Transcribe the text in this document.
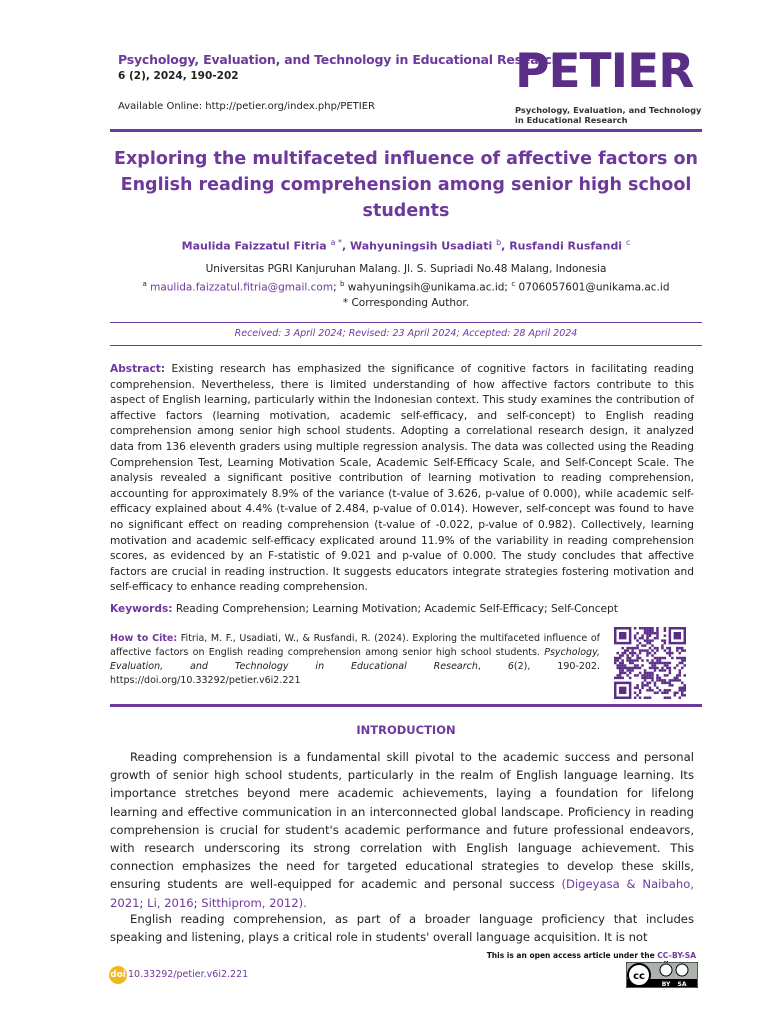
Psychology, Evaluation, and Technology in Educational Research
6 (2), 2024, 190-202
Available Online: http://petier.org/index.php/PETIER
PETIER
Psychology, Evaluation, and Technology
in Educational Research
Exploring the multifaceted influence of affective factors on English reading comprehension among senior high school students
Maulida Faizzatul Fitria $^{a *}$, Wahyuningsih Usadiati $^b$, Rusfandi Rusfandi $^c$
Universitas PGRI Kanjuruhan Malang. Jl. S. Supriadi No.48 Malang, Indonesia
$^a$ maulida.faizzatul.fitria@gmail.com; $^b$ wahyuningsih@unikama.ac.id; $^c$ 0706057601@unikama.ac.id
* Corresponding Author.
Received: 3 April 2024; Revised: 23 April 2024; Accepted: 28 April 2024
Abstract: Existing research has emphasized the significance of cognitive factors in facilitating reading comprehension. Nevertheless, there is limited understanding of how affective factors contribute to this aspect of English learning, particularly within the Indonesian context. This study examines the contribution of affective factors (learning motivation, academic self-efficacy, and self-concept) to English reading comprehension among senior high school students. Adopting a correlational research design, it analyzed data from 136 eleventh graders using multiple regression analysis. The data was collected using the Reading Comprehension Test, Learning Motivation Scale, Academic Self-Efficacy Scale, and Self-Concept Scale. The analysis revealed a significant positive contribution of learning motivation to reading comprehension, accounting for approximately 8.9% of the variance (t-value of 3.626, p-value of 0.000), while academic self-efficacy explained about 4.4% (t-value of 2.484, p-value of 0.014). However, self-concept was found to have no significant effect on reading comprehension (t-value of -0.022, p-value of 0.982). Collectively, learning motivation and academic self-efficacy explicated around 11.9% of the variability in reading comprehension scores, as evidenced by an F-statistic of 9.021 and p-value of 0.000. The study concludes that affective factors are crucial in reading instruction. It suggests educators integrate strategies fostering motivation and self-efficacy to enhance reading comprehension.
Keywords: Reading Comprehension; Learning Motivation; Academic Self-Efficacy; Self-Concept
How to Cite: Fitria, M. F., Usadiati, W., & Rusfandi, R. (2024). Exploring the multifaceted influence of affective factors on English reading comprehension among senior high school students. Psychology, Evaluation, and Technology in Educational Research, 6(2), 190-202. https://doi.org/10.33292/petier.v6i2.221
INTRODUCTION
Reading comprehension is a fundamental skill pivotal to the academic success and personal growth of senior high school students, particularly in the realm of English language learning. Its importance stretches beyond mere academic achievements, laying a foundation for lifelong learning and effective communication in an interconnected global landscape. Proficiency in reading comprehension is crucial for student's academic performance and future professional endeavors, with research underscoring its strong correlation with English language achievement. This connection emphasizes the need for targeted educational strategies to develop these skills, ensuring students are well-equipped for academic and personal success (Digeyasa & Naibaho, 2021; Li, 2016; Sitthiprom, 2012).
English reading comprehension, as part of a broader language proficiency that includes speaking and listening, plays a critical role in students' overall language acquisition. It is not
doi 10.33292/petier.v6i2.221
This is an open access article under the CC–BY-SA
cc
BY SA
